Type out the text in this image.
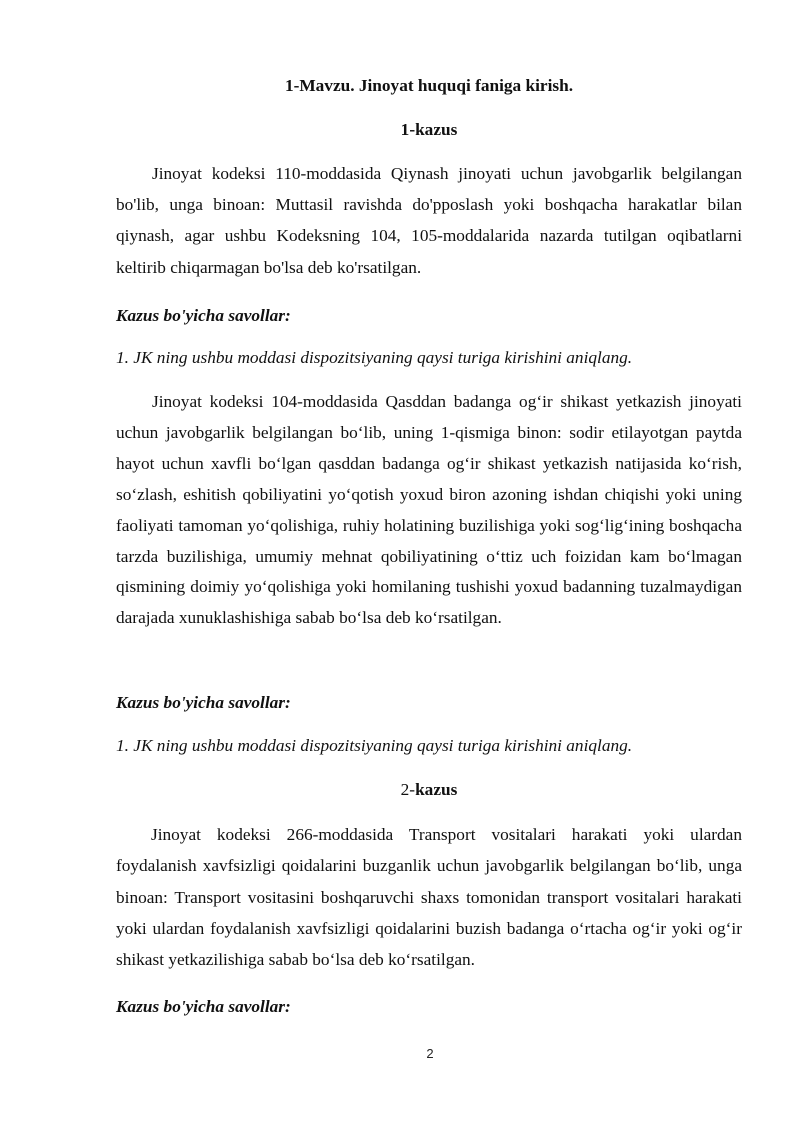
1-Mavzu. Jinoyat huquqi faniga kirish.

1-kazus

Jinoyat kodeksi 110-moddasida Qiynash jinoyati uchun javobgarlik belgilangan bo'lib, unga binoan: Muttasil ravishda do'pposlash yoki boshqacha harakatlar bilan qiynash, agar ushbu Kodeksning 104, 105-moddalarida nazarda tutilgan oqibatlarni keltirib chiqarmagan bo'lsa deb ko'rsatilgan.

Kazus bo'yicha savollar:

1. JK ning ushbu moddasi dispozitsiyaning qaysi turiga kirishini aniqlang.

Jinoyat kodeksi 104-moddasida Qasddan badanga og‘ir shikast yetkazish jinoyati uchun javobgarlik belgilangan bo‘lib, uning 1-qismiga binon: sodir etilayotgan paytda hayot uchun xavfli bo‘lgan qasddan badanga og‘ir shikast yetkazish natijasida ko‘rish, so‘zlash, eshitish qobiliyatini yo‘qotish yoxud biron azoning ishdan chiqishi yoki uning faoliyati tamoman yo‘qolishiga, ruhiy holatining buzilishiga yoki sog‘lig‘ining boshqacha tarzda buzilishiga, umumiy mehnat qobiliyatining o‘ttiz uch foizidan kam bo‘lmagan qismining doimiy yo‘qolishiga yoki homilaning tushishi yoxud badanning tuzalmaydigan darajada xunuklashishiga sabab bo‘lsa deb ko‘rsatilgan.

Kazus bo'yicha savollar:

1. JK ning ushbu moddasi dispozitsiyaning qaysi turiga kirishini aniqlang.

2-kazus

Jinoyat kodeksi 266-moddasida Transport vositalari harakati yoki ulardan foydalanish xavfsizligi qoidalarini buzganlik uchun javobgarlik belgilangan bo‘lib, unga binoan: Transport vositasini boshqaruvchi shaxs tomonidan transport vositalari harakati yoki ulardan foydalanish xavfsizligi qoidalarini buzish badanga o‘rtacha og‘ir yoki og‘ir shikast yetkazilishiga sabab bo‘lsa deb ko‘rsatilgan.

Kazus bo'yicha savollar:

2
